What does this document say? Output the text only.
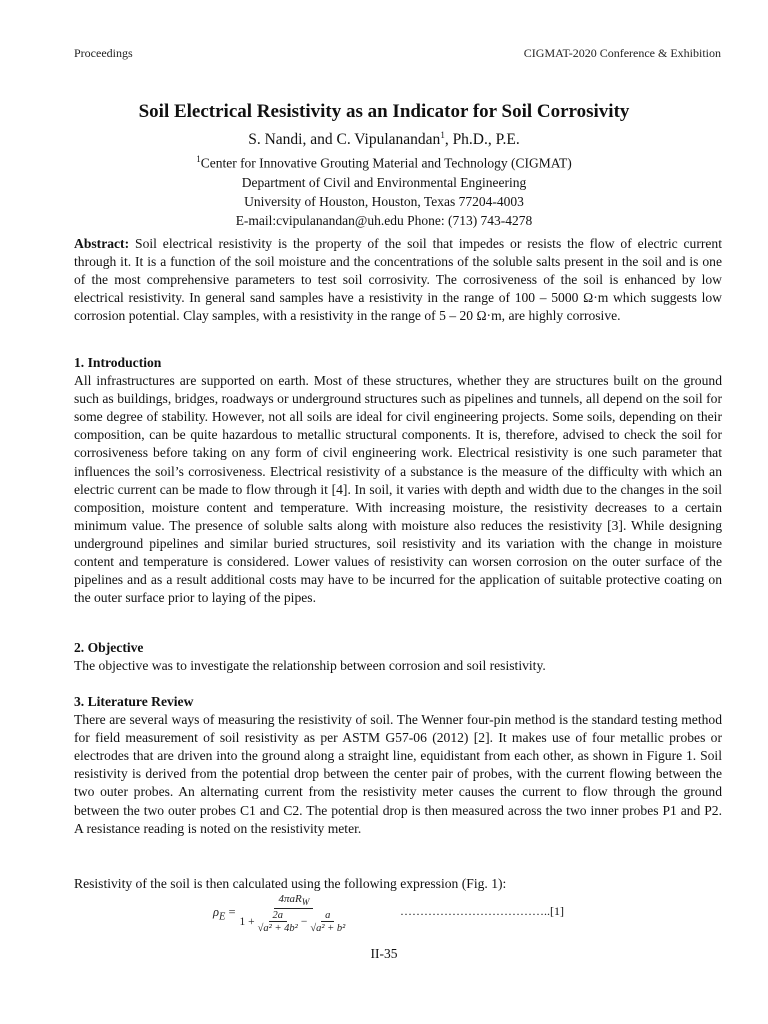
Proceedings	CIGMAT-2020 Conference & Exhibition
Soil Electrical Resistivity as an Indicator for Soil Corrosivity

S. Nandi, and C. Vipulanandan$^1$, Ph.D., P.E.

$^1$Center for Innovative Grouting Material and Technology (CIGMAT)

Department of Civil and Environmental Engineering

University of Houston, Houston, Texas 77204-4003

E-mail:cvipulanandan@uh.edu Phone: (713) 743-4278

Abstract: Soil electrical resistivity is the property of the soil that impedes or resists the flow of electric current through it. It is a function of the soil moisture and the concentrations of the soluble salts present in the soil and is one of the most comprehensive parameters to test soil corrosivity. The corrosiveness of the soil is enhanced by low electrical resistivity. In general sand samples have a resistivity in the range of 100 – 5000 Ω·m which suggests low corrosion potential. Clay samples, with a resistivity in the range of 5 – 20 Ω·m, are highly corrosive.

1. Introduction

All infrastructures are supported on earth. Most of these structures, whether they are structures built on the ground such as buildings, bridges, roadways or underground structures such as pipelines and tunnels, all depend on the soil for some degree of stability. However, not all soils are ideal for civil engineering projects. Some soils, depending on their composition, can be quite hazardous to metallic structural components. It is, therefore, advised to check the soil for corrosiveness before taking on any form of civil engineering work. Electrical resistivity is one such parameter that influences the soil’s corrosiveness. Electrical resistivity of a substance is the measure of the difficulty with which an electric current can be made to flow through it [4]. In soil, it varies with depth and width due to the changes in the soil composition, moisture content and temperature. With increasing moisture, the resistivity decreases to a certain minimum value. The presence of soluble salts along with moisture also reduces the resistivity [3]. While designing underground pipelines and similar buried structures, soil resistivity and its variation with the change in moisture content and temperature is considered. Lower values of resistivity can worsen corrosion on the outer surface of the pipelines and as a result additional costs may have to be incurred for the application of suitable protective coating on the outer surface prior to laying of the pipes.

2. Objective

The objective was to investigate the relationship between corrosion and soil resistivity.

3. Literature Review

There are several ways of measuring the resistivity of soil. The Wenner four-pin method is the standard testing method for field measurement of soil resistivity as per ASTM G57-06 (2012) [2]. It makes use of four metallic probes or electrodes that are driven into the ground along a straight line, equidistant from each other, as shown in Figure 1. Soil resistivity is derived from the potential drop between the center pair of probes, with the current flowing between the two outer probes. An alternating current from the resistivity meter causes the current to flow through the ground between the two outer probes C1 and C2. The potential drop is then measured across the two inner probes P1 and P2. A resistance reading is noted on the resistivity meter.

Resistivity of the soil is then calculated using the following expression (Fig. 1):
$\rho_E$ =
4πaR$_W$
$1 + \frac{2a}{\text{√a² + 4b²}} - \frac{a}{\text{√a² + b²}}$	………………………………..[1]
II-35
